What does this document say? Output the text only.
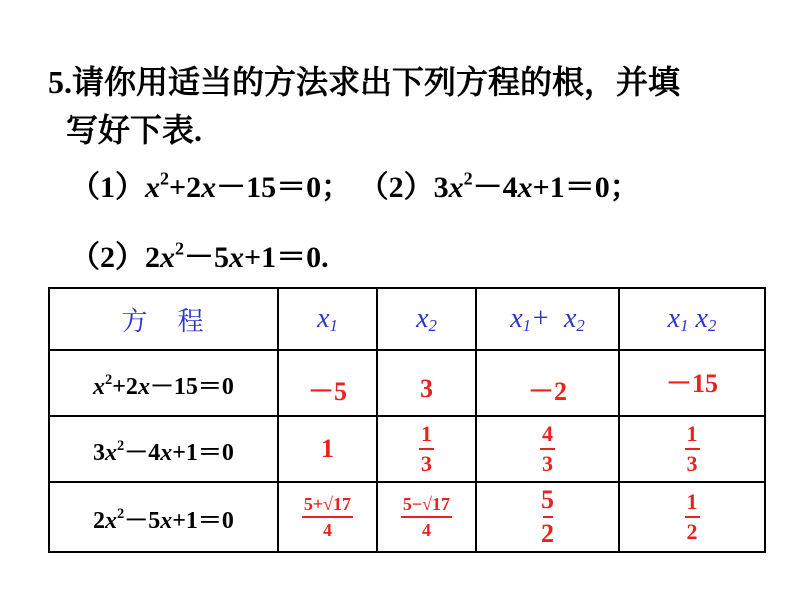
5.请你用适当的方法求出下列方程的根，并填
写好下表.
$(1)x^2+2x-15=0$； $(2)3x^2-4x+1=0$；
$(2)2x^2-5x+1=0$.
方　程	$x_1$	$x_2$	$x_1+ x_2$	$x_1$ $x_2$
$x^2+2x-15=0$	－5	3	－2	－15
$3x^2-4x+1=0$	1	$\frac{1}{3}$	$\frac{4}{3}$	$\frac{1}{3}$

$2x^2-5x+1=0$	$\frac{5+√17}{4}$	$\frac{5-√17}{4}$	$\frac{5}{2}$	$\frac{1}{2}$
